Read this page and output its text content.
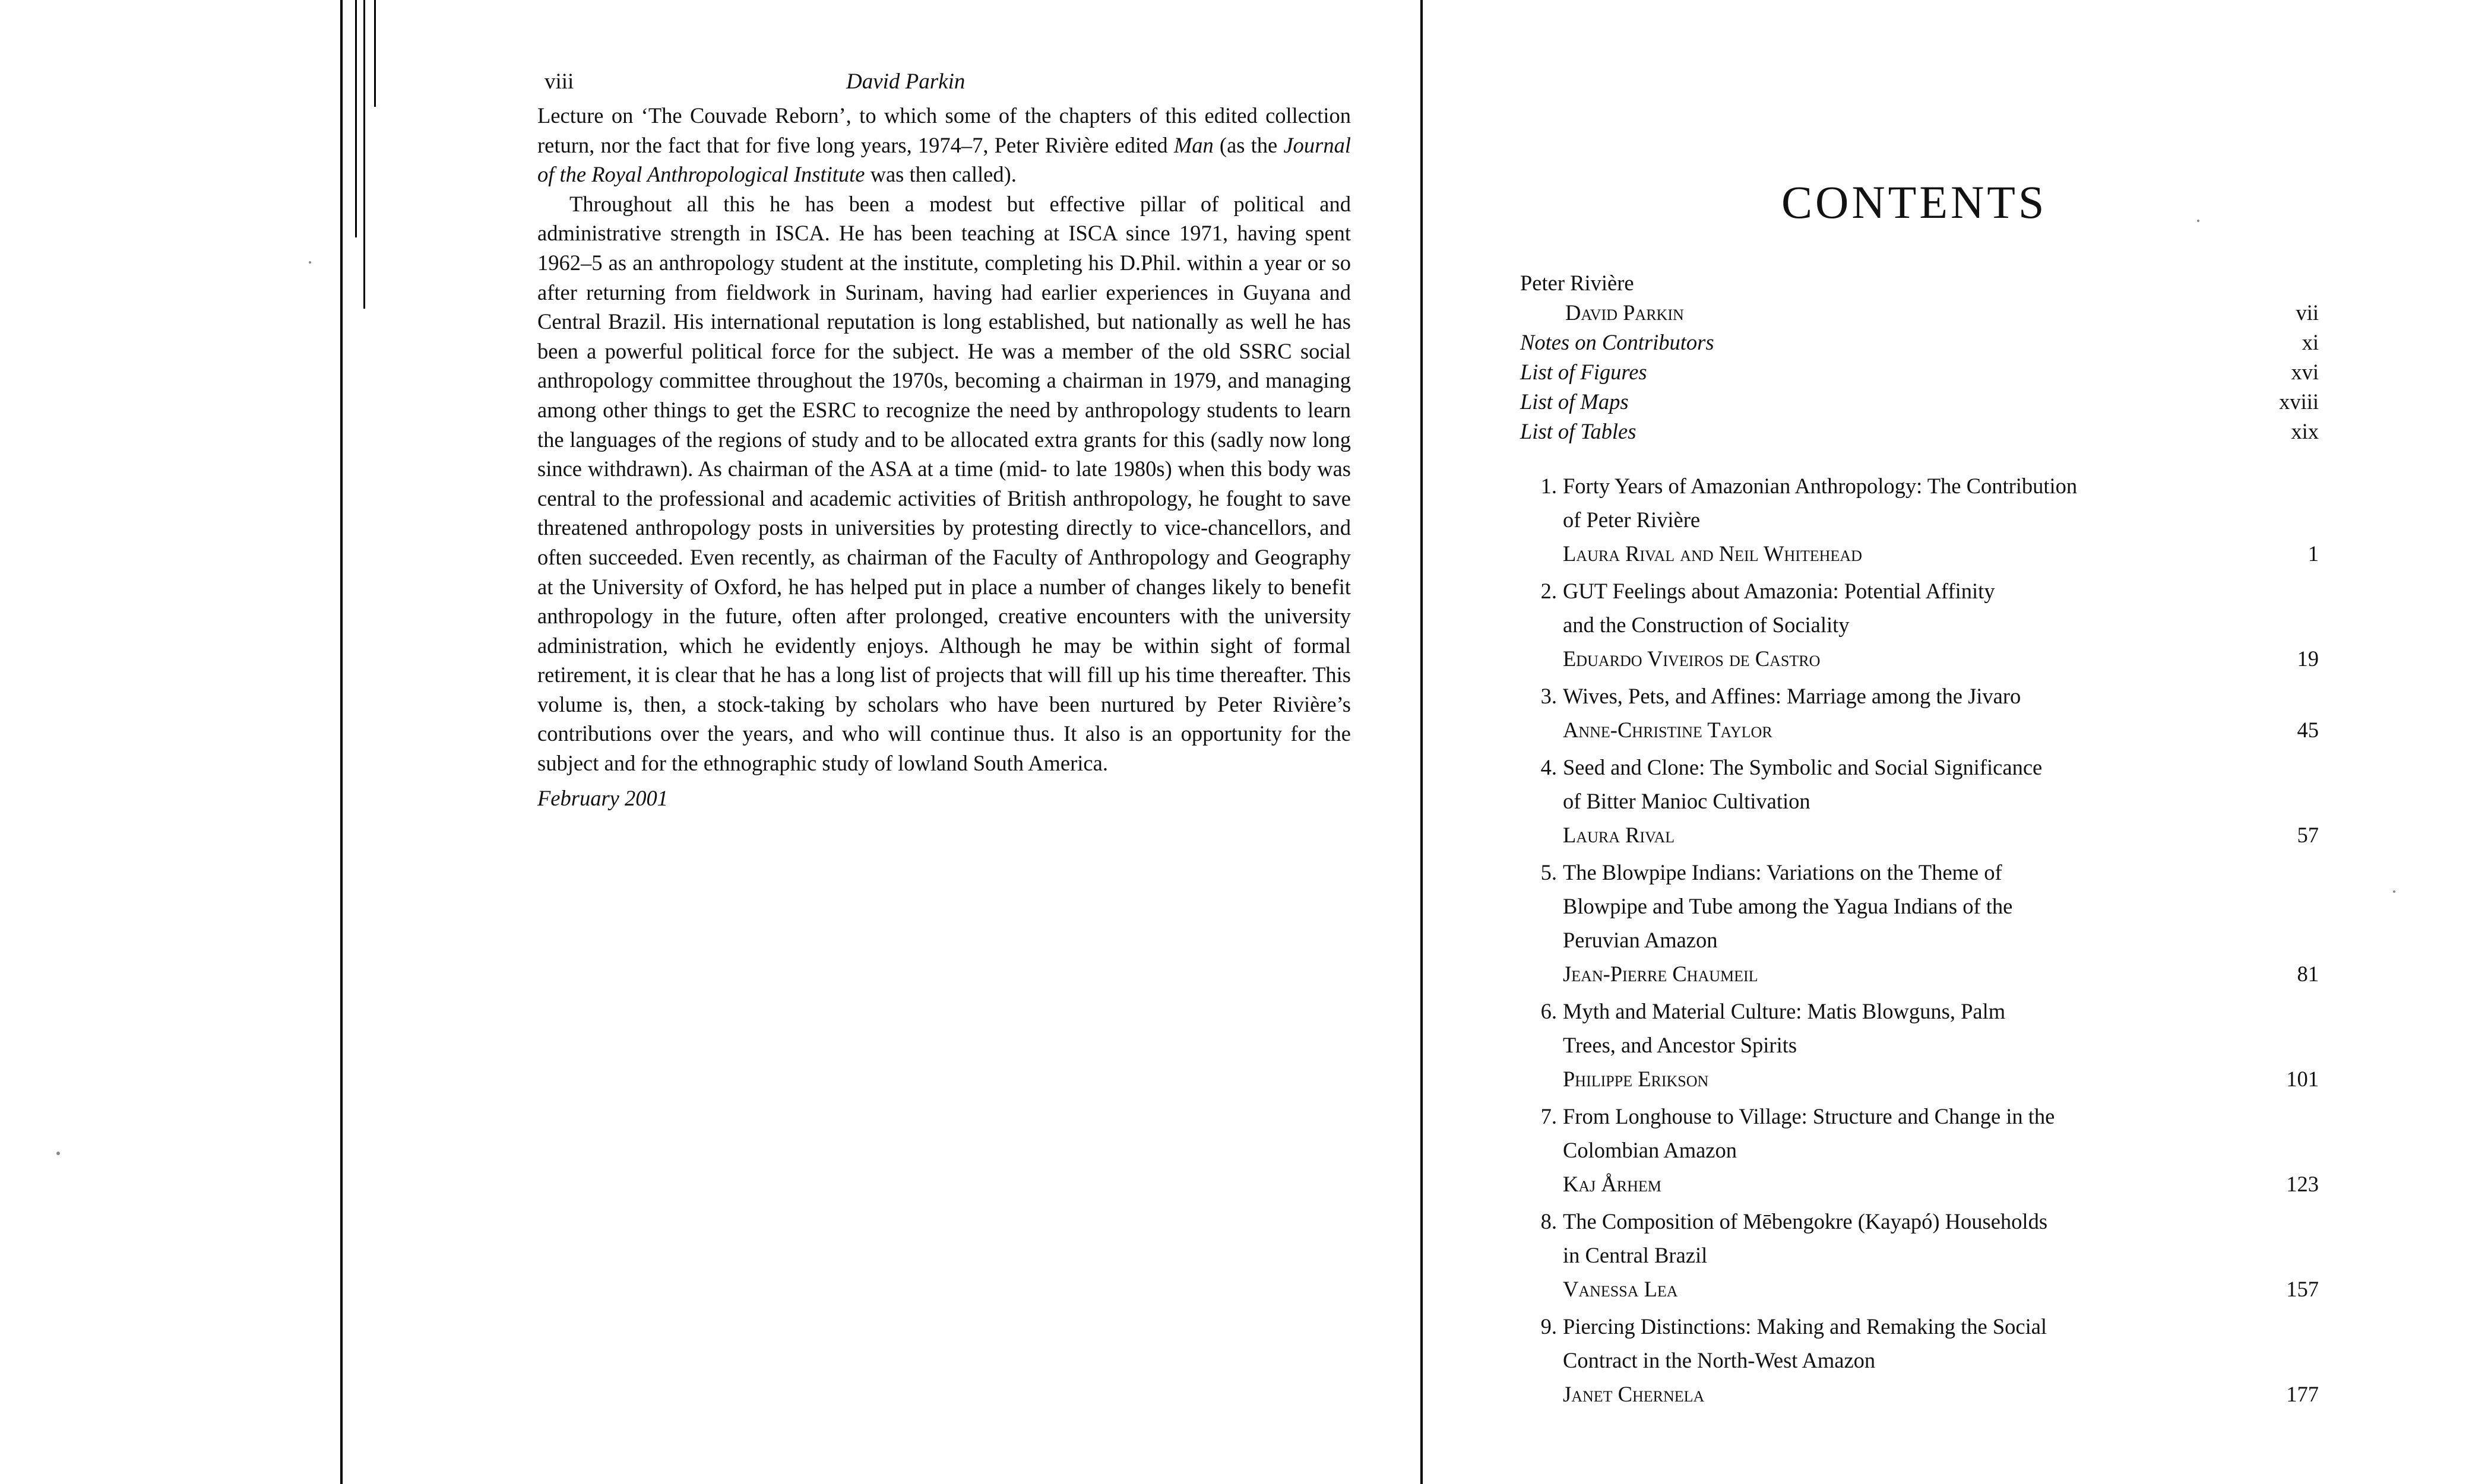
viii	David Parkin

Lecture on ‘The Couvade Reborn’, to which some of the chapters of this edited collection return, nor the fact that for five long years, 1974–7, Peter Rivière edited Man (as the Journal of the Royal Anthropological Institute was then called).

Throughout all this he has been a modest but effective pillar of political and administrative strength in ISCA. He has been teaching at ISCA since 1971, having spent 1962–5 as an anthropology student at the institute, completing his D.Phil. within a year or so after returning from fieldwork in Surinam, having had earlier experiences in Guyana and Central Brazil. His international reputation is long established, but nationally as well he has been a powerful political force for the subject. He was a member of the old SSRC social anthropology committee throughout the 1970s, becoming a chairman in 1979, and managing among other things to get the ESRC to recognize the need by anthropology students to learn the languages of the regions of study and to be allocated extra grants for this (sadly now long since withdrawn). As chairman of the ASA at a time (mid- to late 1980s) when this body was central to the professional and academic activities of British anthropology, he fought to save threatened anthropology posts in universities by protesting directly to vice-chancellors, and often succeeded. Even recently, as chairman of the Faculty of Anthropology and Geography at the University of Oxford, he has helped put in place a number of changes likely to benefit anthropology in the future, often after prolonged, creative encounters with the university administration, which he evidently enjoys. Although he may be within sight of formal retirement, it is clear that he has a long list of projects that will fill up his time thereafter. This volume is, then, a stock-taking by scholars who have been nurtured by Peter Rivière’s contributions over the years, and who will continue thus. It also is an opportunity for the subject and for the ethnographic study of lowland South America.

February 2001
CONTENTS
Peter Rivière
David Parkin	vii
Notes on Contributors	xi
List of Figures	xvi
List of Maps	xviii
List of Tables	xix
1. Forty Years of Amazonian Anthropology: The Contribution
of Peter Rivière
Laura Rival and Neil Whitehead	1
2. GUT Feelings about Amazonia: Potential Affinity
and the Construction of Sociality
Eduardo Viveiros de Castro	19
3. Wives, Pets, and Affines: Marriage among the Jivaro
Anne-Christine Taylor	45
4. Seed and Clone: The Symbolic and Social Significance
of Bitter Manioc Cultivation
Laura Rival	57
5. The Blowpipe Indians: Variations on the Theme of
Blowpipe and Tube among the Yagua Indians of the
Peruvian Amazon
Jean-Pierre Chaumeil	81
6. Myth and Material Culture: Matis Blowguns, Palm
Trees, and Ancestor Spirits
Philippe Erikson	101
7. From Longhouse to Village: Structure and Change in the
Colombian Amazon
Kaj Århem	123
8. The Composition of Mēbengokre (Kayapó) Households
in Central Brazil
Vanessa Lea	157
9. Piercing Distinctions: Making and Remaking the Social
Contract in the North-West Amazon
Janet Chernela	177
